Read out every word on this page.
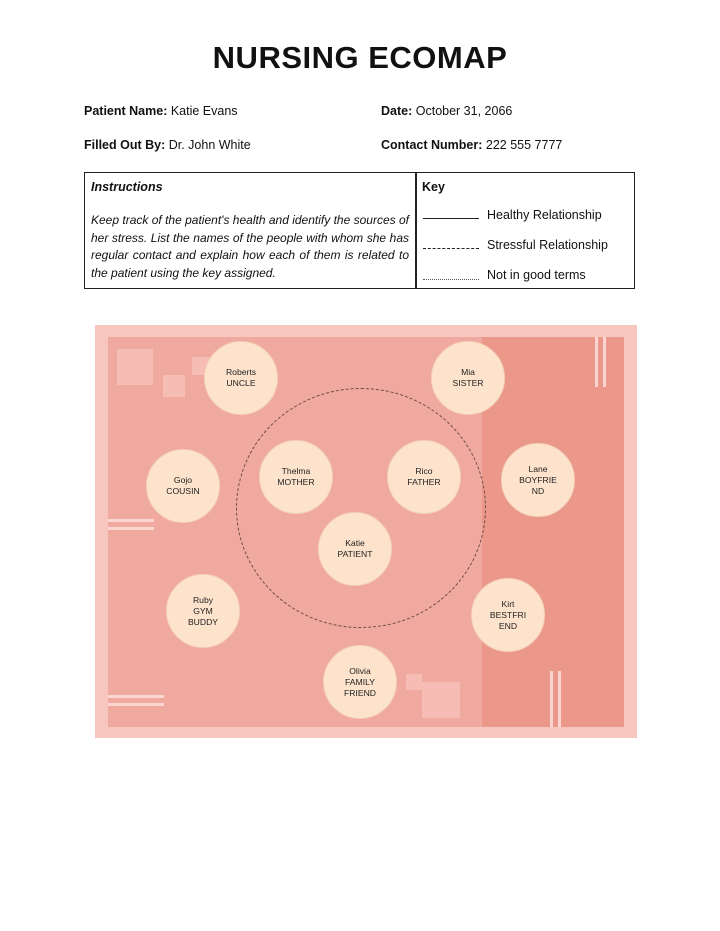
NURSING ECOMAP
Patient Name: Katie Evans	Date: October 31, 2066
Filled Out By: Dr. John White	Contact Number: 222 555 7777
Instructions
Keep track of the patient's health and identify the sources of her stress. List the names of the people with whom she has regular contact and explain how each of them is related to the patient using the key assigned.
Key
Healthy Relationship
Stressful Relationship
Not in good terms
Roberts
UNCLE
Mia
SISTER
Gojo
COUSIN
Thelma
MOTHER
Rico
FATHER
Lane
BOYFRIE
ND
Katie
PATIENT
Ruby
GYM
BUDDY
Kirt
BESTFRI
END
Olivia
FAMILY
FRIEND
